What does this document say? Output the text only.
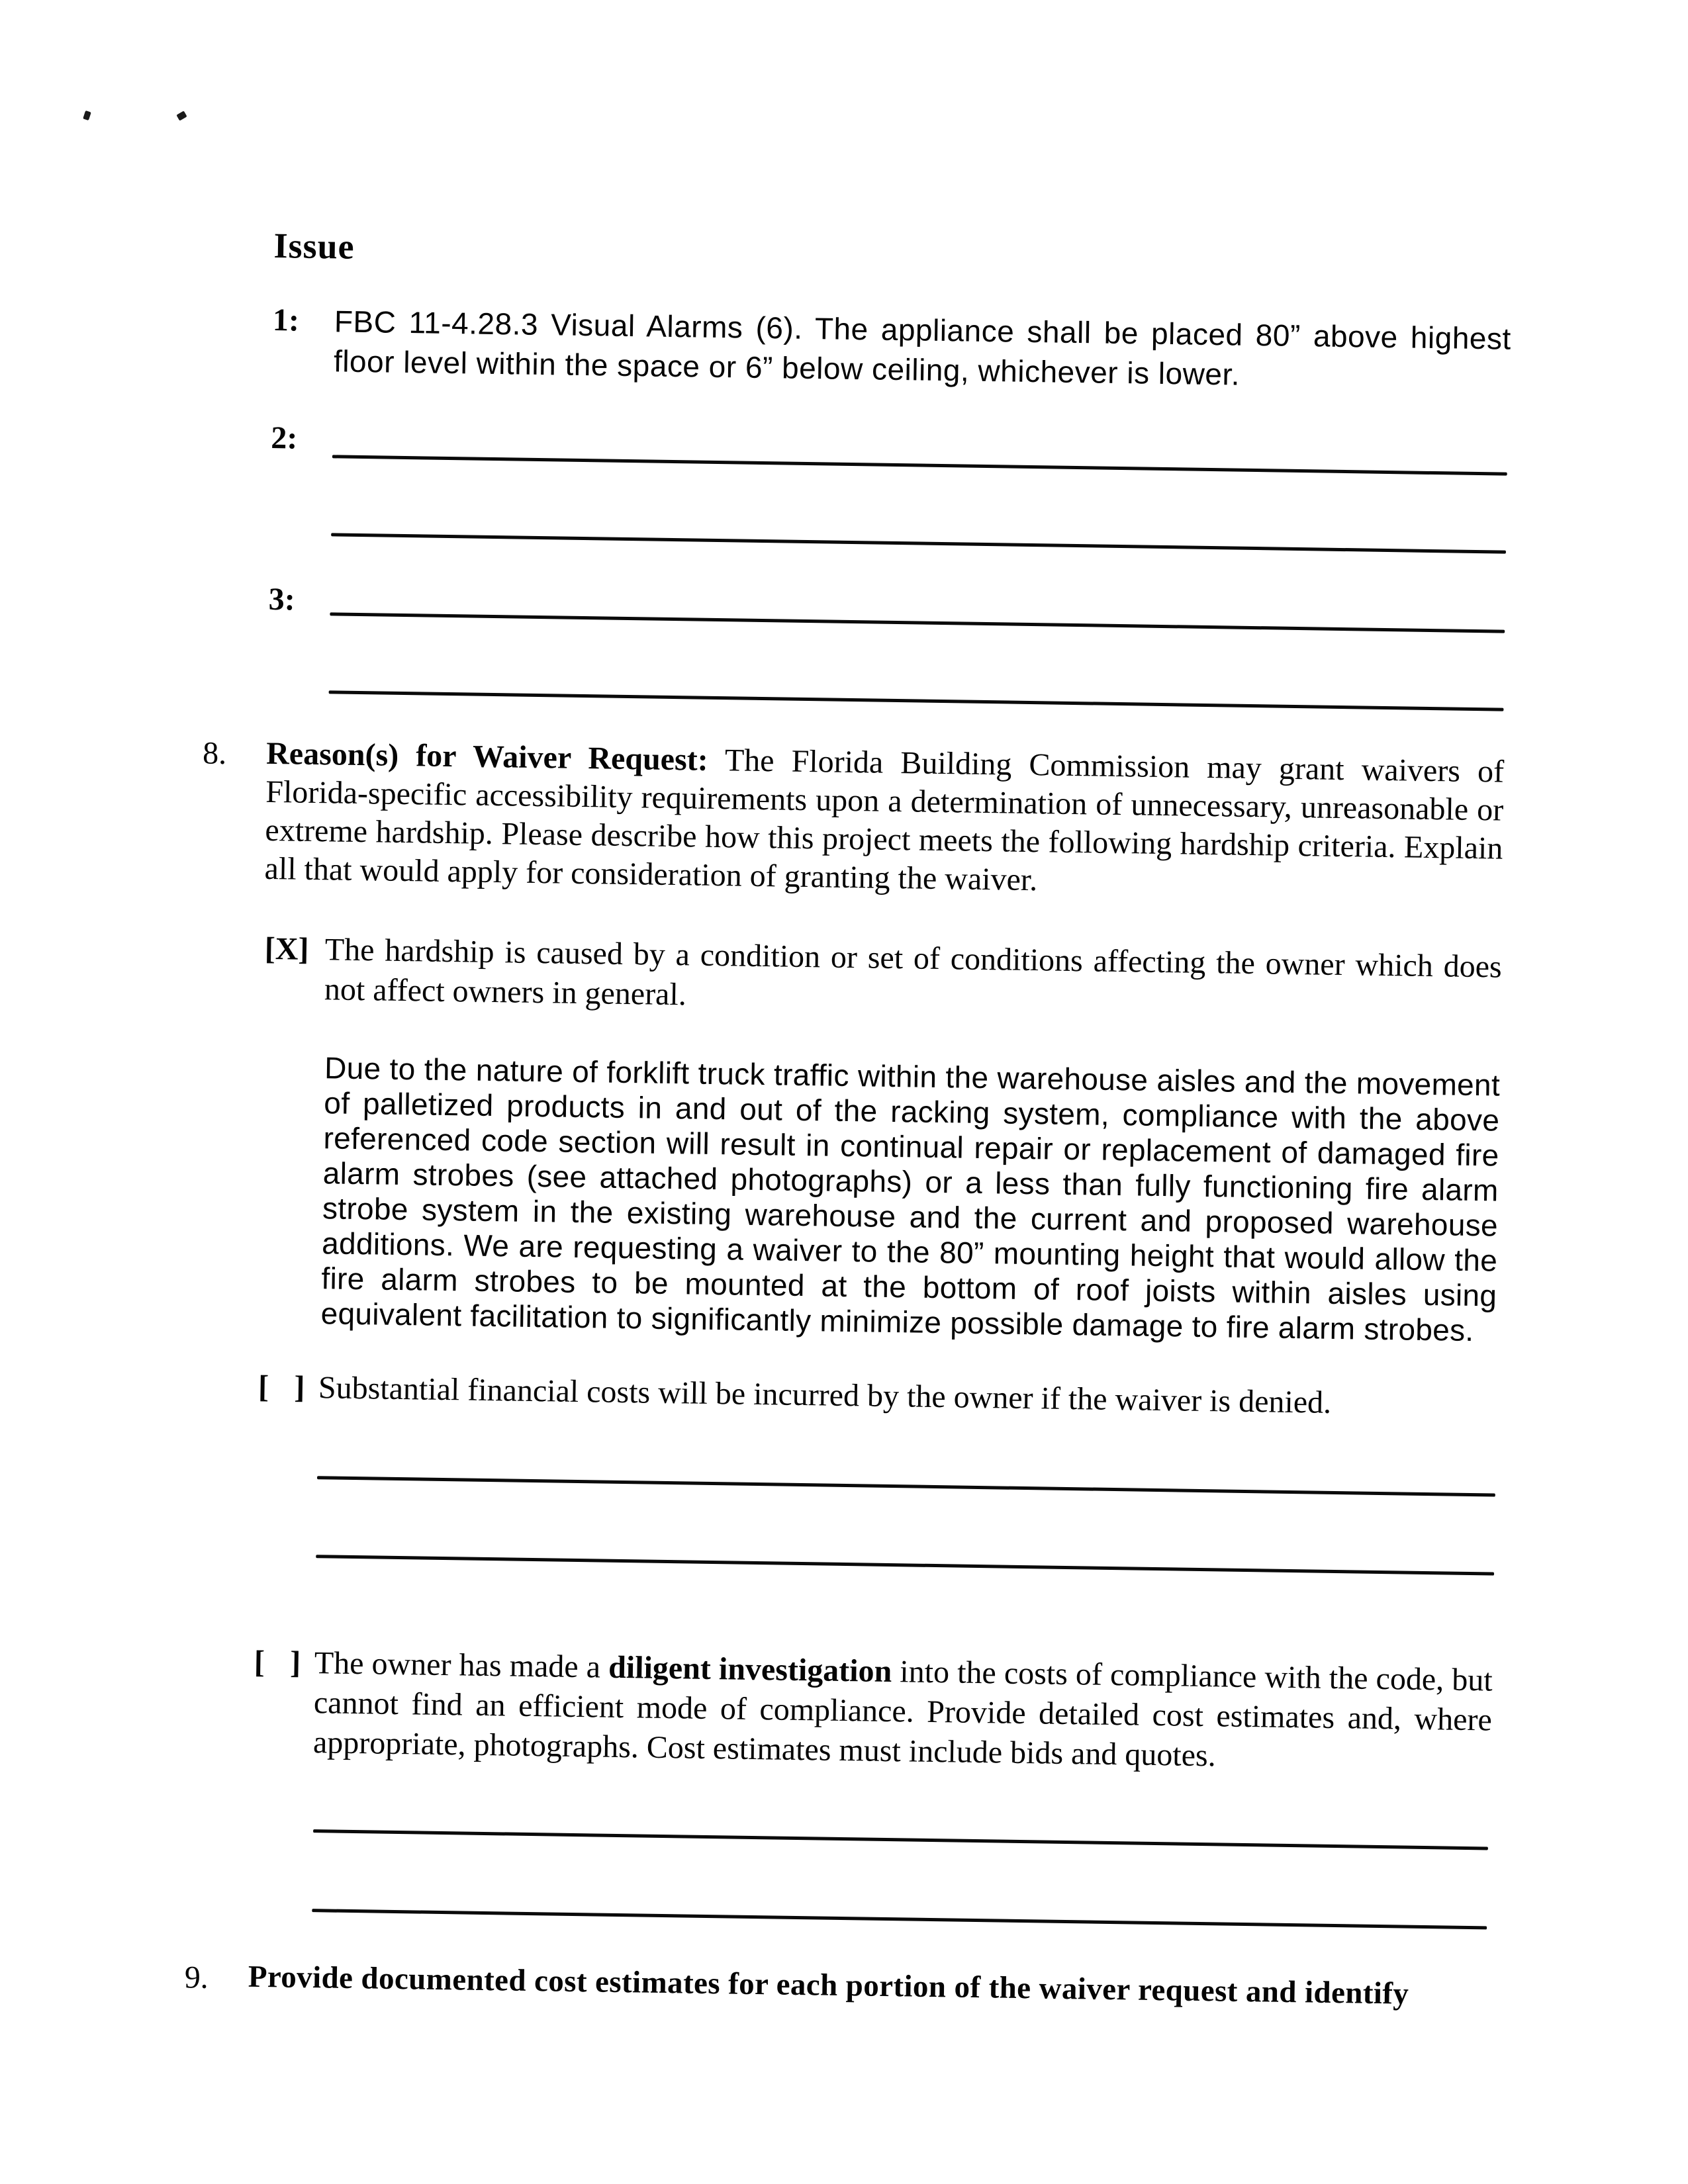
Issue
1: FBC 11-4.28.3 Visual Alarms (6). The appliance shall be placed 80” above highest floor level within the space or 6” below ceiling, whichever is lower.
2:
3:
8. Reason(s) for Waiver Request: The Florida Building Commission may grant waivers of Florida-specific accessibility requirements upon a determination of unnecessary, unreasonable or extreme hardship. Please describe how this project meets the following hardship criteria. Explain all that would apply for consideration of granting the waiver.
[X] The hardship is caused by a condition or set of conditions affecting the owner which does not affect owners in general.
Due to the nature of forklift truck traffic within the warehouse aisles and the movement of palletized products in and out of the racking system, compliance with the above referenced code section will result in continual repair or replacement of damaged fire alarm strobes (see attached photographs) or a less than fully functioning fire alarm strobe system in the existing warehouse and the current and proposed warehouse additions. We are requesting a waiver to the 80” mounting height that would allow the fire alarm strobes to be mounted at the bottom of roof joists within aisles using equivalent facilitation to significantly minimize possible damage to fire alarm strobes.
[ ] Substantial financial costs will be incurred by the owner if the waiver is denied.
[ ] The owner has made a diligent investigation into the costs of compliance with the code, but cannot find an efficient mode of compliance. Provide detailed cost estimates and, where appropriate, photographs. Cost estimates must include bids and quotes.
9. Provide documented cost estimates for each portion of the waiver request and identify
